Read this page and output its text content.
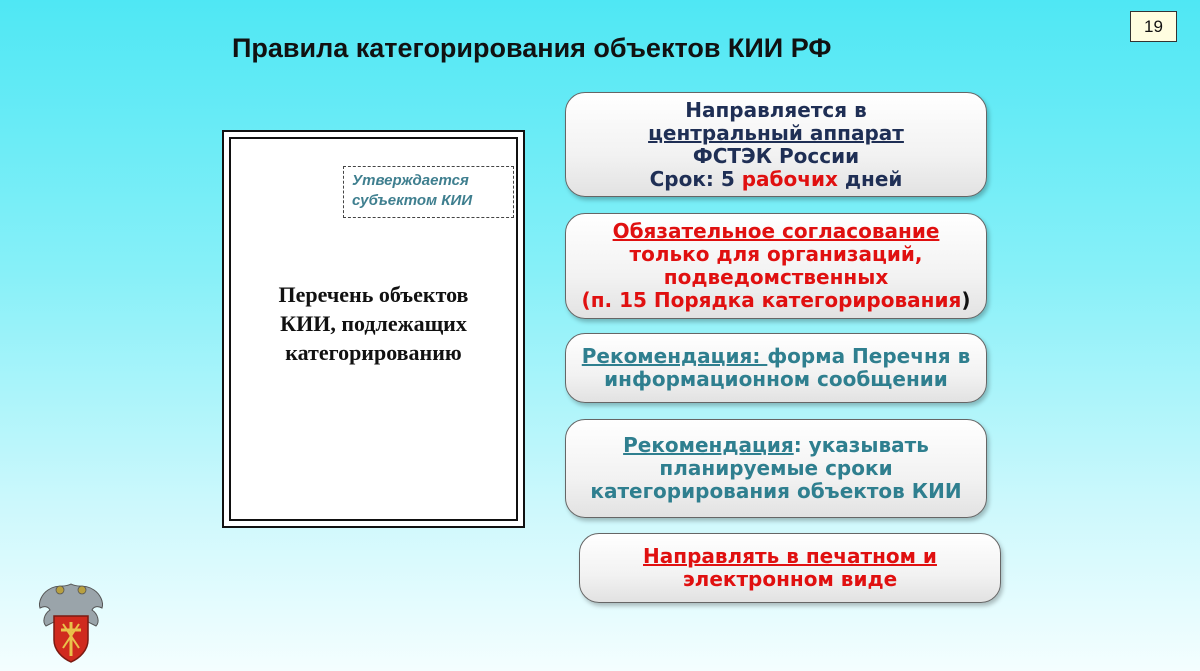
19
Правила категорирования объектов КИИ РФ
Утверждается
субъектом КИИ
Перечень объектов
КИИ, подлежащих
категорированию
Направляется в
центральный аппарат
ФСТЭК России
Срок: 5 рабочих дней
Обязательное согласование
только для организаций,
подведомственных
(п. 15 Порядка категорирования)
Рекомендация: форма Перечня в
информационном сообщении
Рекомендация: указывать
планируемые сроки
категорирования объектов КИИ
Направлять в печатном и
электронном виде
